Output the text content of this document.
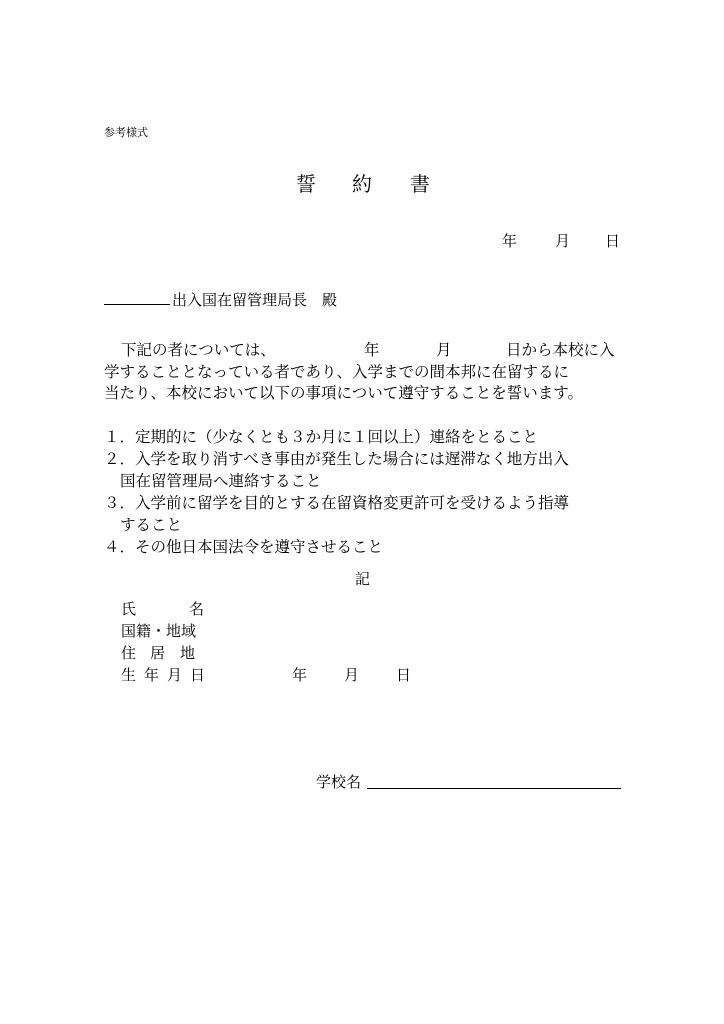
参考様式
誓 約 書
年	月 日
出入国在留管理局長　殿
下記の者については、	年	月	日から本校に入
学することとなっている者であり、入学までの間本邦に在留するに
当たり、本校において以下の事項について遵守することを誓います。
１．定期的に（少なくとも３か月に１回以上）連絡をとること
２．入学を取り消すべき事由が発生した場合には遅滞なく地方出入
国在留管理局へ連絡すること
３．入学前に留学を目的とする在留資格変更許可を受けるよう指導
すること
４．その他日本国法令を遵守させること
記
氏	名
国籍・地域
住 居 地
生 年 月 日	年 月 日
学校名
